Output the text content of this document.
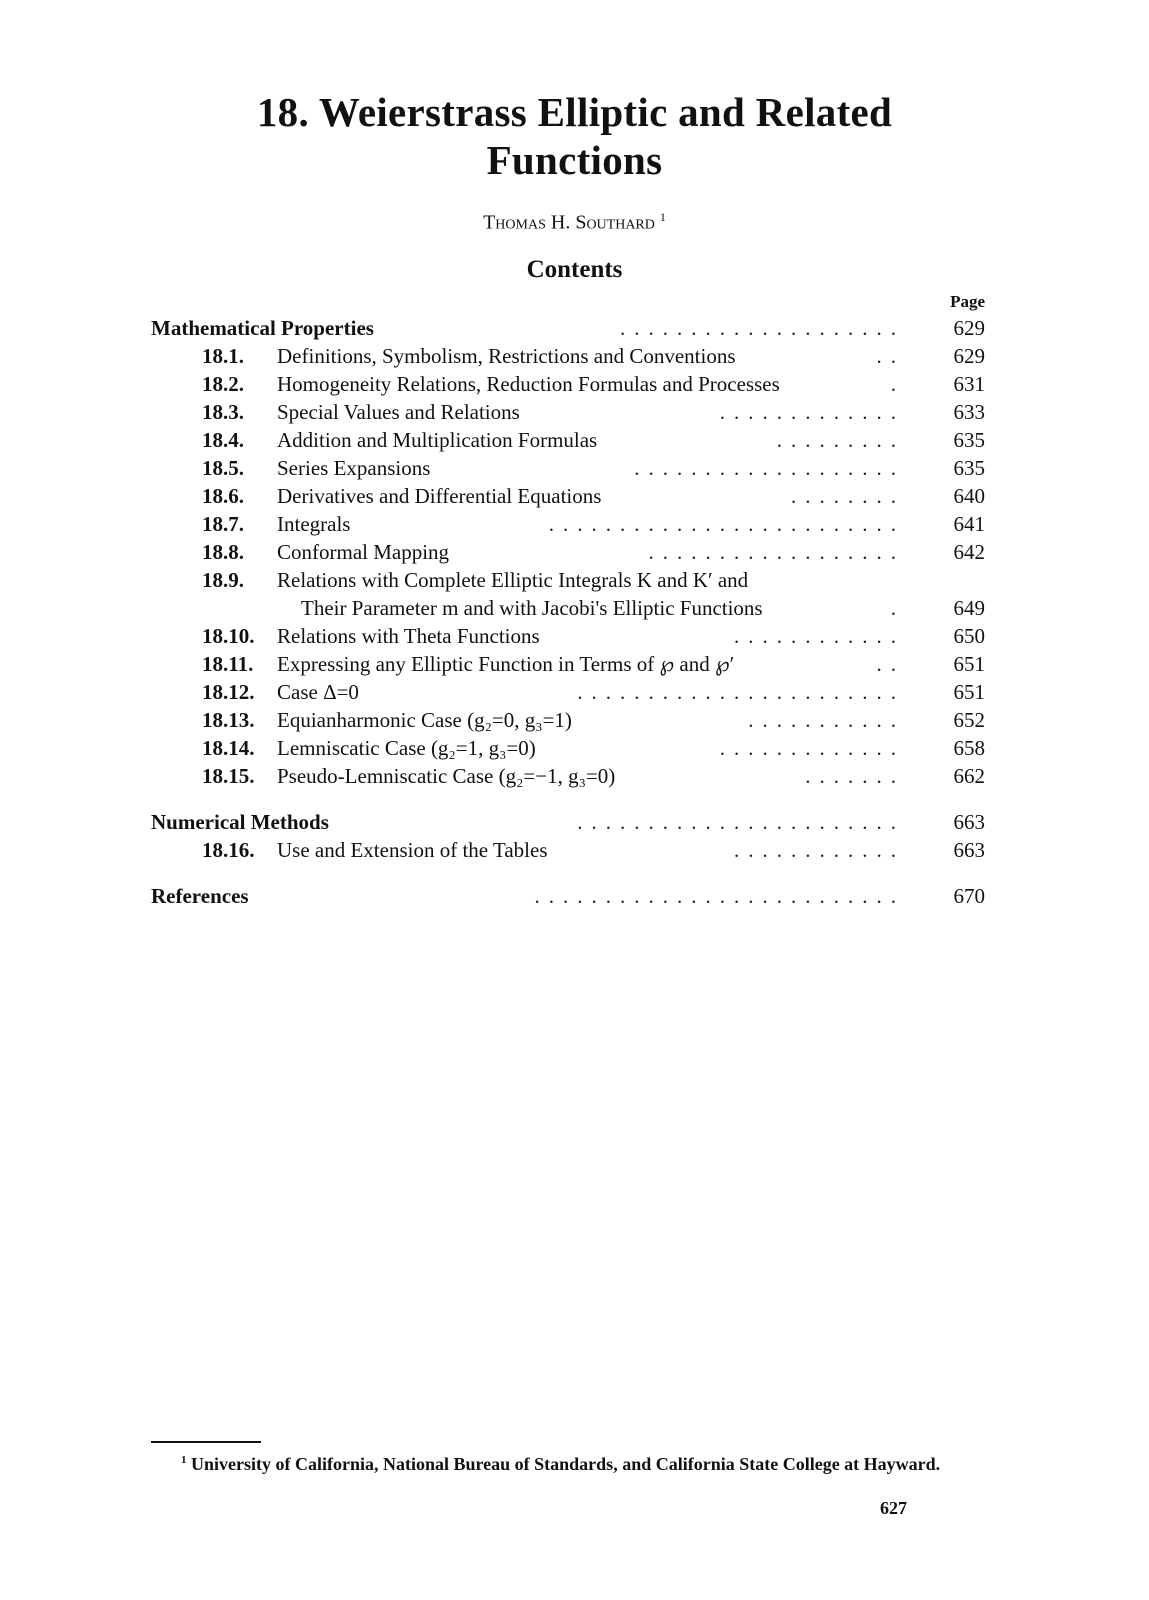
18. Weierstrass Elliptic and Related
Functions
Thomas H. Southard $^1$
Contents
Page
Mathematical Properties	....................	629
18.1. Definitions, Symbolism, Restrictions and Conventions	..	629
18.2. Homogeneity Relations, Reduction Formulas and Processes	.	631
18.3. Special Values and Relations	.............	633
18.4. Addition and Multiplication Formulas	.........	635
18.5. Series Expansions	...................	635
18.6. Derivatives and Differential Equations	........	640
18.7. Integrals	.........................	641
18.8. Conformal Mapping	..................	642
18.9. Relations with Complete Elliptic Integrals K and K′ and
Their Parameter m and with Jacobi's Elliptic Functions	.	649
18.10. Relations with Theta Functions	............	650
18.11. Expressing any Elliptic Function in Terms of ℘ and ℘′	..	651
18.12. Case Δ=0	.......................	651
18.13. Equianharmonic Case (g₂=0, g₃=1)	...........	652
18.14. Lemniscatic Case (g₂=1, g₃=0)	.............	658
18.15. Pseudo-Lemniscatic Case (g₂=−1, g₃=0)	.......	662
Numerical Methods	.......................	663
18.16. Use and Extension of the Tables	............	663
References	..........................	670
$^1$ University of California, National Bureau of Standards, and California State College at Hayward.
627
